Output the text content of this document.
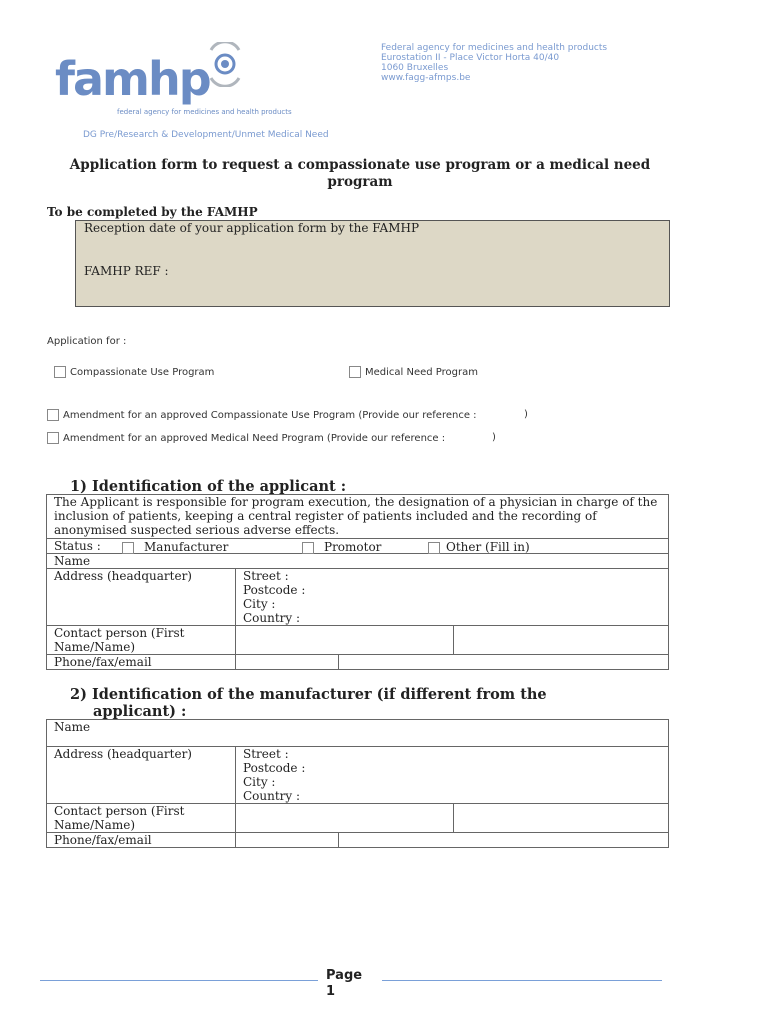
famhp
federal agency for medicines and health products
Federal agency for medicines and health products
Eurostation II - Place Victor Horta 40/40
1060 Bruxelles
www.fagg-afmps.be
DG Pre/Research & Development/Unmet Medical Need
Application form to request a compassionate use program or a medical need
program
To be completed by the FAMHP
Reception date of your application form by the FAMHP
FAMHP REF :
Application for :
Compassionate Use Program	Medical Need Program
Amendment for an approved Compassionate Use Program (Provide our reference :	)
Amendment for an approved Medical Need Program (Provide our reference :	)
1) Identification of the applicant :
The Applicant is responsible for program execution, the designation of a physician in charge of the inclusion of patients, keeping a central register of patients included and the recording of anonymised suspected serious adverse effects.			

Status : Manufacturer Promotor Other (Fill in)			

Name			
Address (headquarter)	Street :
Postcode :
City :
Country :		

Contact person (First Name/Name)			
Phone/fax/email			
2) Identification of the manufacturer (if different from the
applicant) :
Name			
Address (headquarter)	Street :
Postcode :
City :
Country :		

Contact person (First Name/Name)			
Phone/fax/email			
Page
1
